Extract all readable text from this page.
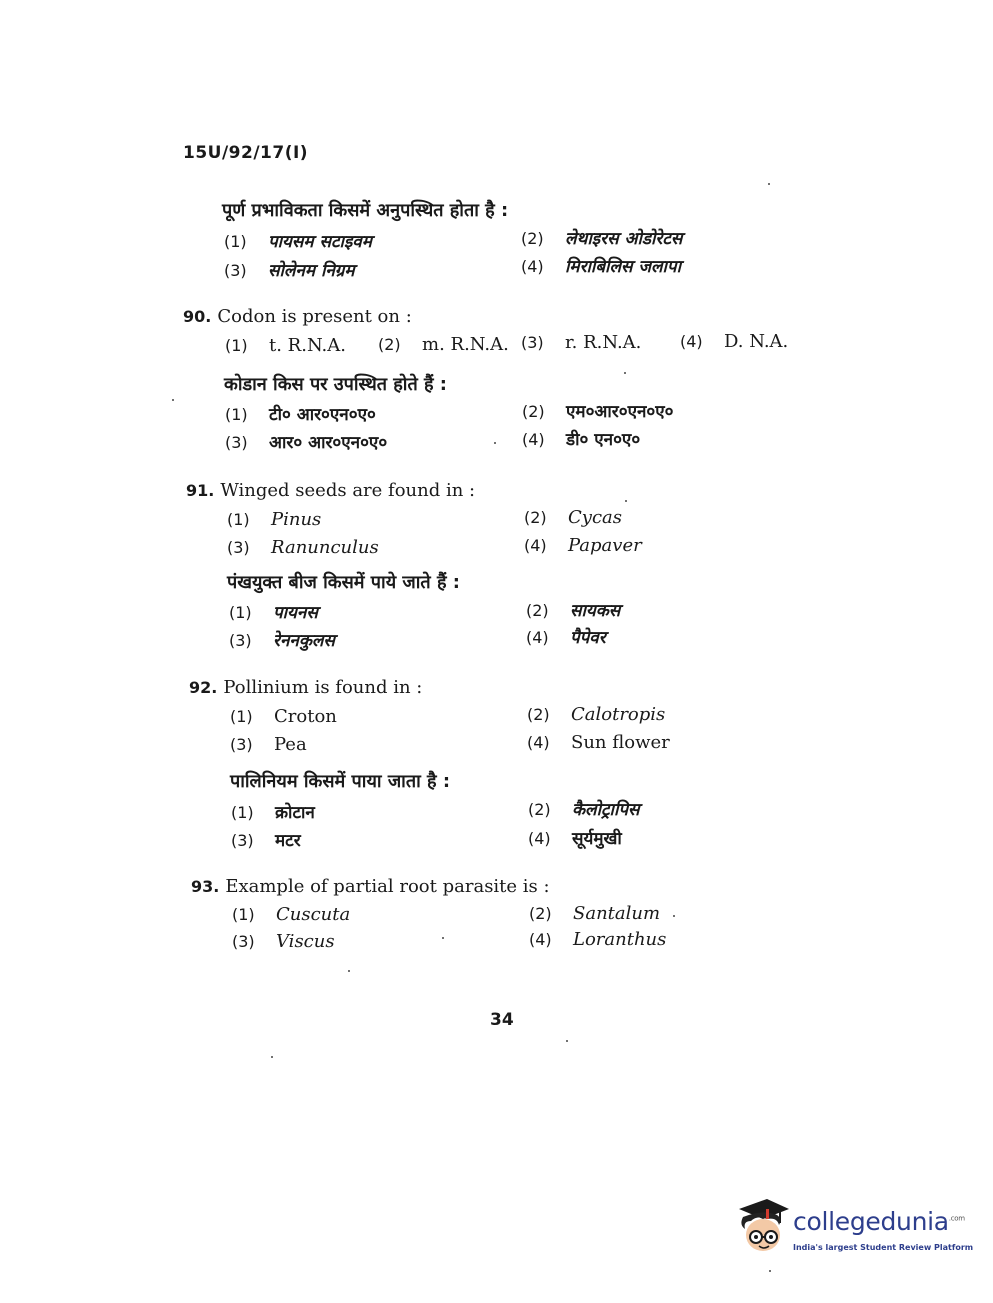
15U/92/17(I)
पूर्ण प्रभाविकता किसमें अनुपस्थित होता है :
(1) पायसम सटाइवम	(2) लेथाइरस ओडोरेटस
(3) सोलेनम निग्रम	(4) मिराबिलिस जलापा
90. Codon is present on :
(1) t. R.N.A. (2) m. R.N.A. (3) r. R.N.A. (4) D. N.A.
कोडान किस पर उपस्थित होते हैं :
(1) टी० आर०एन०ए०	(2) एम०आर०एन०ए०
(3) आर० आर०एन०ए०	(4) डी० एन०ए०
91. Winged seeds are found in :
(1) Pinus	(2) Cycas
(3) Ranunculus	(4) Papaver
पंखयुक्त बीज किसमें पाये जाते हैं :
(1) पायनस	(2) सायकस
(3) रेननकुलस	(4) पैपेवर
92. Pollinium is found in :
(1) Croton	(2) Calotropis
(3) Pea	(4) Sun flower
पालिनियम किसमें पाया जाता है :
(1) क्रोटान	(2) कैलोट्रापिस
(3) मटर	(4) सूर्यमुखी
93. Example of partial root parasite is :
(1) Cuscuta	(2) Santalum
(3) Viscus	(4) Loranthus
34
collegedunia$^{.com}$
India's largest Student Review Platform
